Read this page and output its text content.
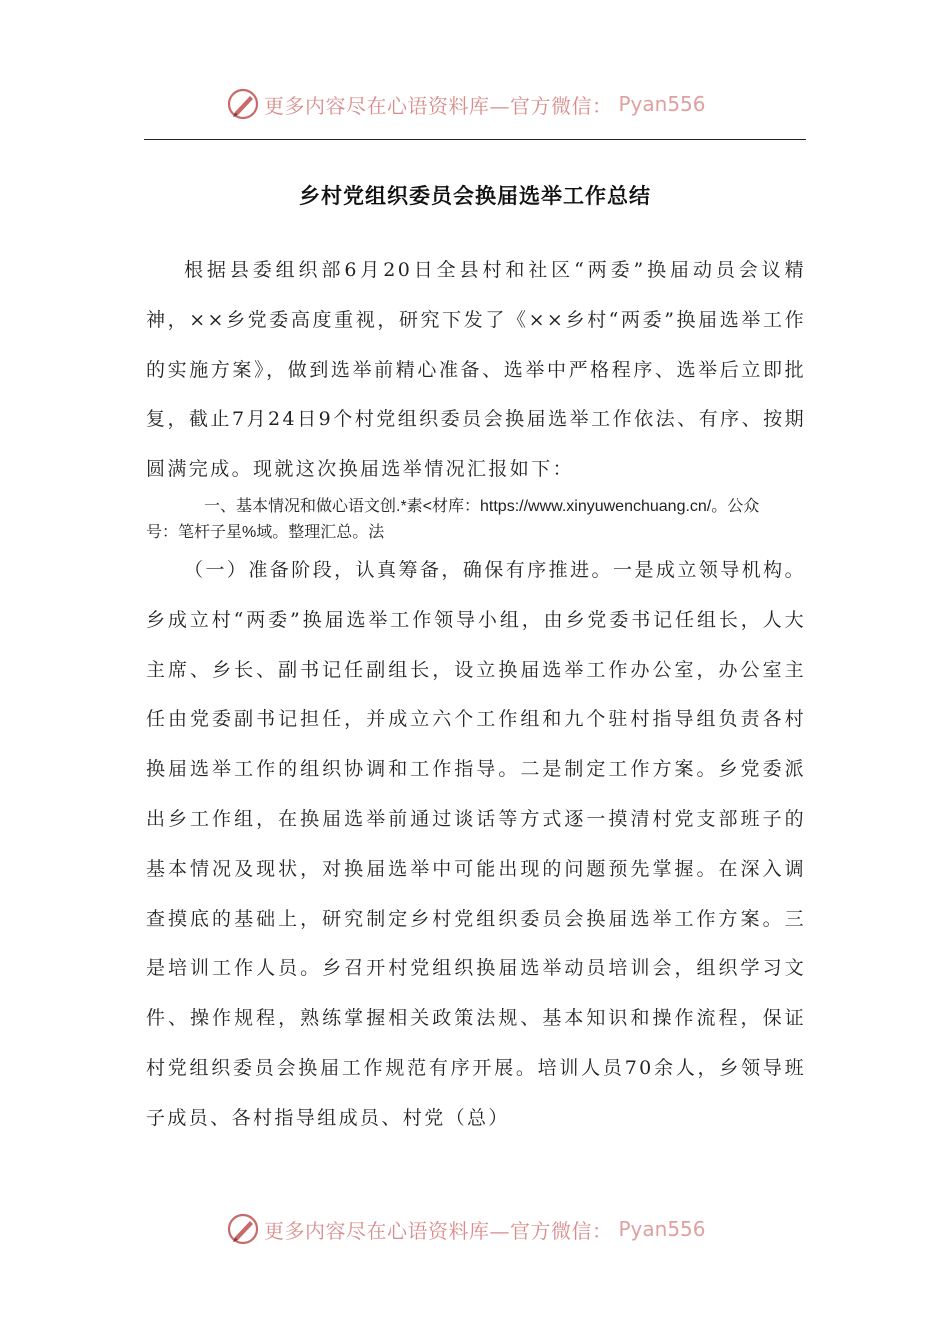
更多内容尽在心语资料库—官方微信： Pyan556
乡村党组织委员会换届选举工作总结

根据县委组织部6月20日全县村和社区“两委”换届动员会议精神，××乡党委高度重视，研究下发了《××乡村“两委”换届选举工作的实施方案》，做到选举前精心准备、选举中严格程序、选举后立即批复，截止7月24日9个村党组织委员会换届选举工作依法、有序、按期圆满完成。现就这次换届选举情况汇报如下：

一、基本情况和做心语文创.*素<材库：https://www.xinyuwenchuang.cn/。公众号：笔杆子星%域。整理汇总。法

（一）准备阶段，认真筹备，确保有序推进。一是成立领导机构。乡成立村“两委”换届选举工作领导小组，由乡党委书记任组长，人大主席、乡长、副书记任副组长，设立换届选举工作办公室，办公室主任由党委副书记担任，并成立六个工作组和九个驻村指导组负责各村换届选举工作的组织协调和工作指导。二是制定工作方案。乡党委派出乡工作组，在换届选举前通过谈话等方式逐一摸清村党支部班子的基本情况及现状，对换届选举中可能出现的问题预先掌握。在深入调查摸底的基础上，研究制定乡村党组织委员会换届选举工作方案。三是培训工作人员。乡召开村党组织换届选举动员培训会，组织学习文件、操作规程，熟练掌握相关政策法规、基本知识和操作流程，保证村党组织委员会换届工作规范有序开展。培训人员70余人，乡领导班子成员、各村指导组成员、村党（总）

更多内容尽在心语资料库—官方微信： Pyan556
